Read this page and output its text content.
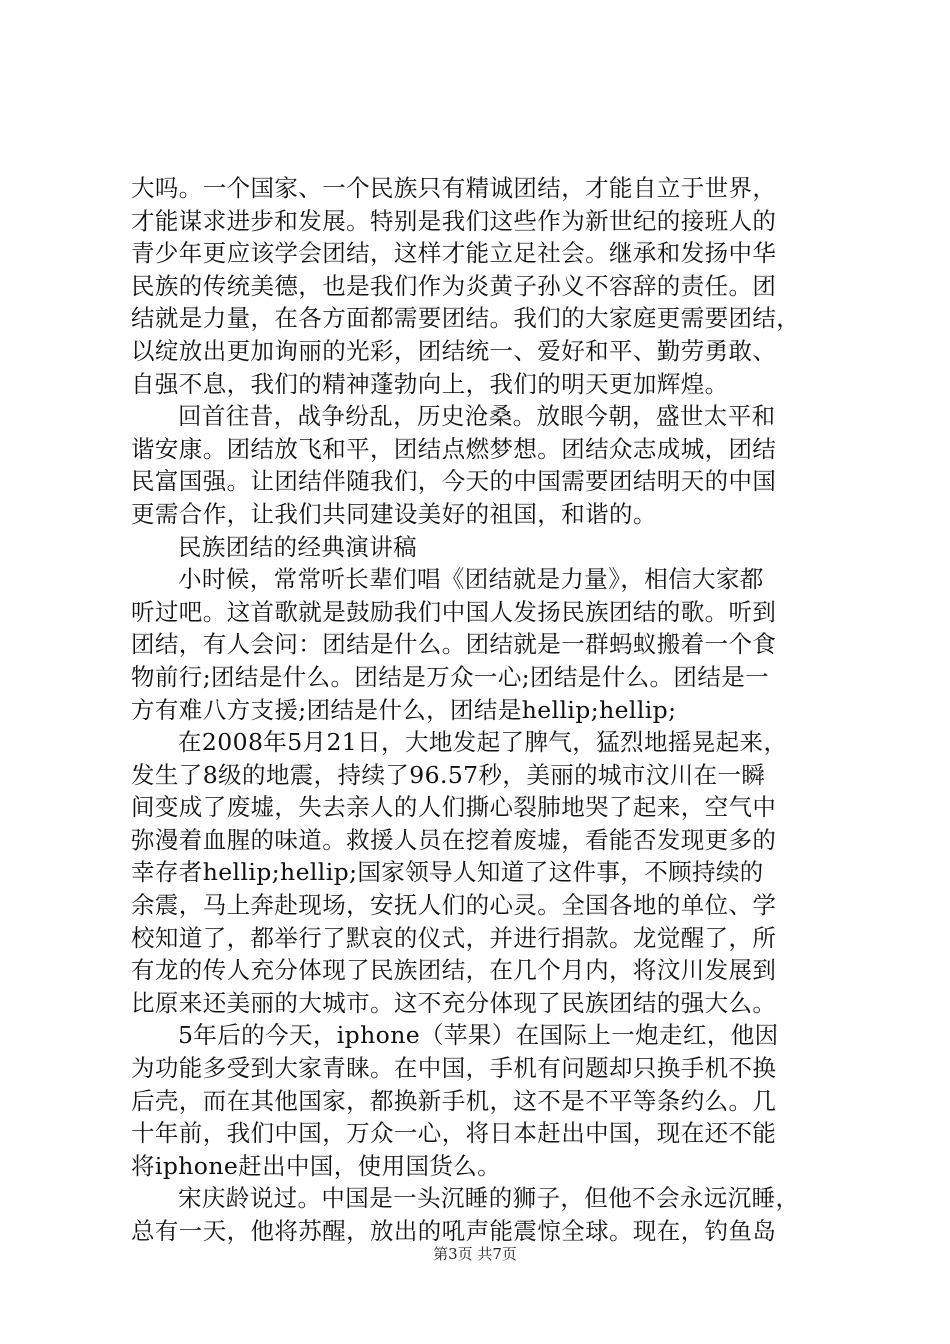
大吗。一个国家、一个民族只有精诚团结，才能自立于世界，
才能谋求进步和发展。特别是我们这些作为新世纪的接班人的
青少年更应该学会团结，这样才能立足社会。继承和发扬中华
民族的传统美德，也是我们作为炎黄子孙义不容辞的责任。团
结就是力量，在各方面都需要团结。我们的大家庭更需要团结，
以绽放出更加询丽的光彩，团结统一、爱好和平、勤劳勇敢、
自强不息，我们的精神蓬勃向上，我们的明天更加辉煌。
回首往昔，战争纷乱，历史沧桑。放眼今朝，盛世太平和
谐安康。团结放飞和平，团结点燃梦想。团结众志成城，团结
民富国强。让团结伴随我们，今天的中国需要团结明天的中国
更需合作，让我们共同建设美好的祖国，和谐的。
民族团结的经典演讲稿
小时候，常常听长辈们唱《团结就是力量》，相信大家都
听过吧。这首歌就是鼓励我们中国人发扬民族团结的歌。听到
团结，有人会问：团结是什么。团结就是一群蚂蚁搬着一个食
物前行;团结是什么。团结是万众一心;团结是什么。团结是一
方有难八方支援;团结是什么，团结是hellip;hellip;
在2008年5月21日，大地发起了脾气，猛烈地摇晃起来，
发生了8级的地震，持续了96.57秒，美丽的城市汶川在一瞬
间变成了废墟，失去亲人的人们撕心裂肺地哭了起来，空气中
弥漫着血腥的味道。救援人员在挖着废墟，看能否发现更多的
幸存者hellip;hellip;国家领导人知道了这件事，不顾持续的
余震，马上奔赴现场，安抚人们的心灵。全国各地的单位、学
校知道了，都举行了默哀的仪式，并进行捐款。龙觉醒了，所
有龙的传人充分体现了民族团结，在几个月内，将汶川发展到
比原来还美丽的大城市。这不充分体现了民族团结的强大么。
5年后的今天，iphone（苹果）在国际上一炮走红，他因
为功能多受到大家青睐。在中国，手机有问题却只换手机不换
后壳，而在其他国家，都换新手机，这不是不平等条约么。几
十年前，我们中国，万众一心，将日本赶出中国，现在还不能
将iphone赶出中国，使用国货么。
宋庆龄说过。中国是一头沉睡的狮子，但他不会永远沉睡，
总有一天，他将苏醒，放出的吼声能震惊全球。现在，钓鱼岛
第3页 共7页
